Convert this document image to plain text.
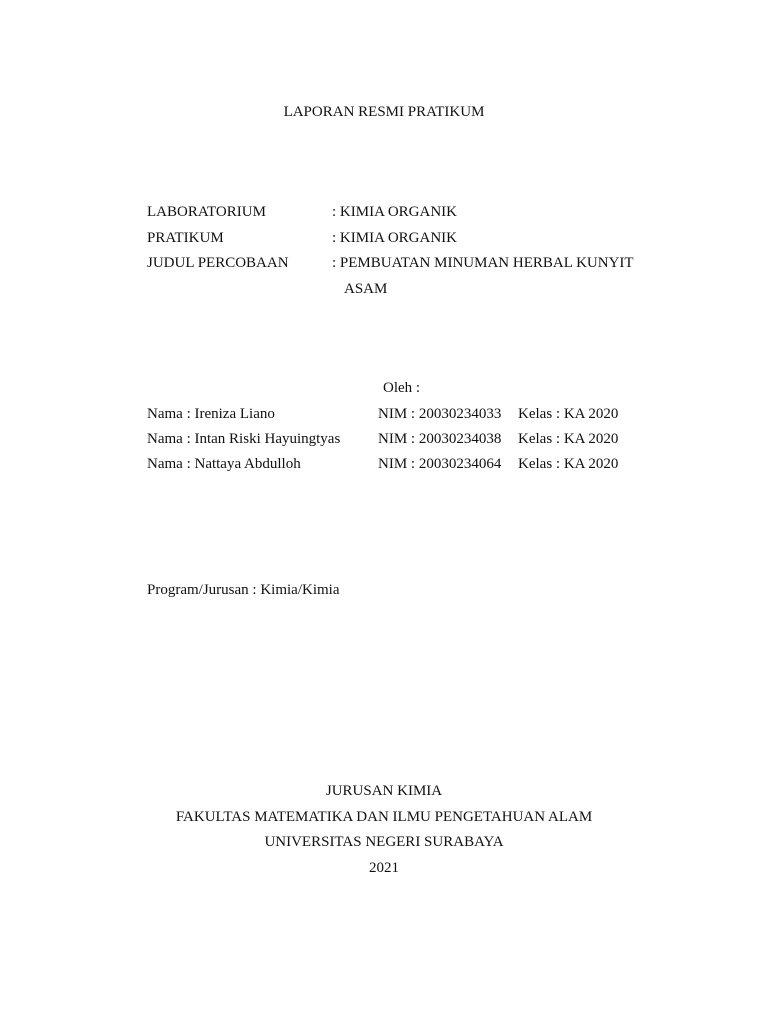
LAPORAN RESMI PRATIKUM
LABORATORIUM	: KIMIA ORGANIK
PRATIKUM	: KIMIA ORGANIK
JUDUL PERCOBAAN	: PEMBUATAN MINUMAN HERBAL KUNYIT
ASAM
Oleh :
Nama : Ireniza Liano	NIM : 20030234033 Kelas : KA 2020
Nama : Intan Riski Hayuingtyas	NIM : 20030234038 Kelas : KA 2020
Nama : Nattaya Abdulloh	NIM : 20030234064 Kelas : KA 2020
Program/Jurusan : Kimia/Kimia
JURUSAN KIMIA
FAKULTAS MATEMATIKA DAN ILMU PENGETAHUAN ALAM
UNIVERSITAS NEGERI SURABAYA
2021
